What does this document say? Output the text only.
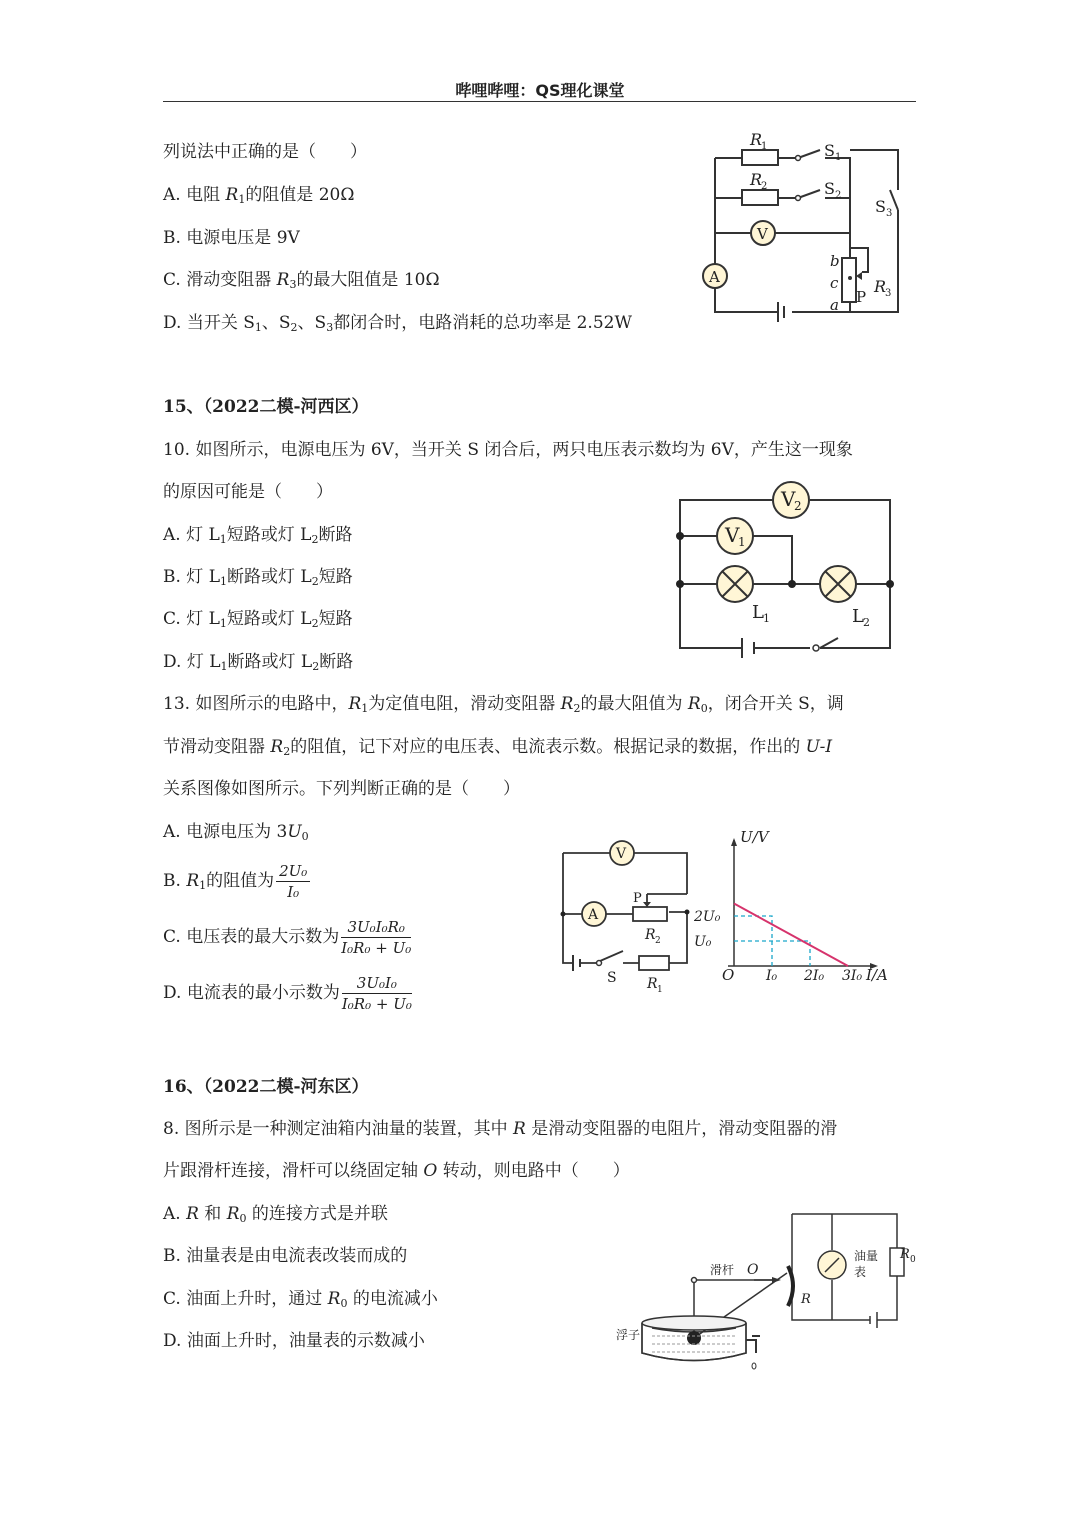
哔哩哔哩：QS理化课堂
列说法中正确的是（　　）
A. 电阻 $R_1$的阻值是 20Ω
B. 电源电压是 9V
C. 滑动变阻器 $R_3$的最大阻值是 10Ω
D. 当开关 $S_1$、$S_2$、$S_3$都闭合时，电路消耗的总功率是 2.52W
R
1
R
2
S 1
S 2
S 3
V
A
b
c
a P
R
3
15、（2022二模-河西区）
10. 如图所示，电源电压为 6V，当开关 S 闭合后，两只电压表示数均为 6V，产生这一现象
的原因可能是（　　）
A. 灯 $L_1$短路或灯 $L_2$断路
B. 灯 $L_1$断路或灯 $L_2$短路
C. 灯 $L_1$短路或灯 $L_2$短路
D. 灯 $L_1$断路或灯 $L_2$断路
V
2
V
1
L 1	L 2
13. 如图所示的电路中，$R_1$为定值电阻，滑动变阻器 $R_2$的最大阻值为 $R_0$，闭合开关 S，调
节滑动变阻器 $R_2$的阻值，记下对应的电压表、电流表示数。根据记录的数据，作出的 U-I
关系图像如图所示。下列判断正确的是（　　）
A. 电源电压为 $3U_0$
B. $R_1$的阻值为 $\frac{\text{2U₀}}{\text{I₀}}$
C. 电压表的最大示数为 $\frac{\text{3U₀I₀R₀}}{\text{I₀R₀ + U₀}}$
D. 电流表的最小示数为 $\frac{\text{3U₀I₀}}{\text{I₀R₀ + U₀}}$
V
A
P
R 2
S R 1
I₀ 2I₀ 3I₀
U₀
2U₀
U/V
I/A
O
16、（2022二模-河东区）
8. 图所示是一种测定油箱内油量的装置，其中 R 是滑动变阻器的电阻片，滑动变阻器的滑
片跟滑杆连接，滑杆可以绕固定轴 O 转动，则电路中（　　）
A. R 和 $R_0$ 的连接方式是并联
B. 油量表是由电流表改装而成的
C. 油面上升时，通过 $R_0$ 的电流减小
D. 油面上升时，油量表的示数减小
滑杆 O
R
油量
表
R 0
浮子
